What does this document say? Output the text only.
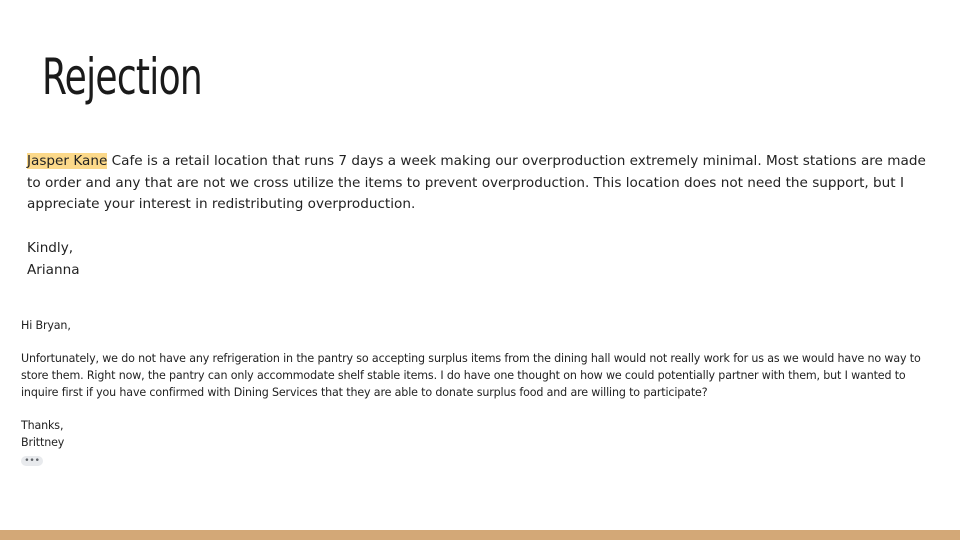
Rejection

Jasper Kane Cafe is a retail location that runs 7 days a week making our overproduction extremely minimal. Most stations are made to order and any that are not we cross utilize the items to prevent overproduction. This location does not need the support, but I appreciate your interest in redistributing overproduction.

Kindly,

Arianna

Hi Bryan,

Unfortunately, we do not have any refrigeration in the pantry so accepting surplus items from the dining hall would not really work for us as we would have no way to store them. Right now, the pantry can only accommodate shelf stable items. I do have one thought on how we could potentially partner with them, but I wanted to inquire first if you have confirmed with Dining Services that they are able to donate surplus food and are willing to participate?

Thanks,

Brittney

•••
